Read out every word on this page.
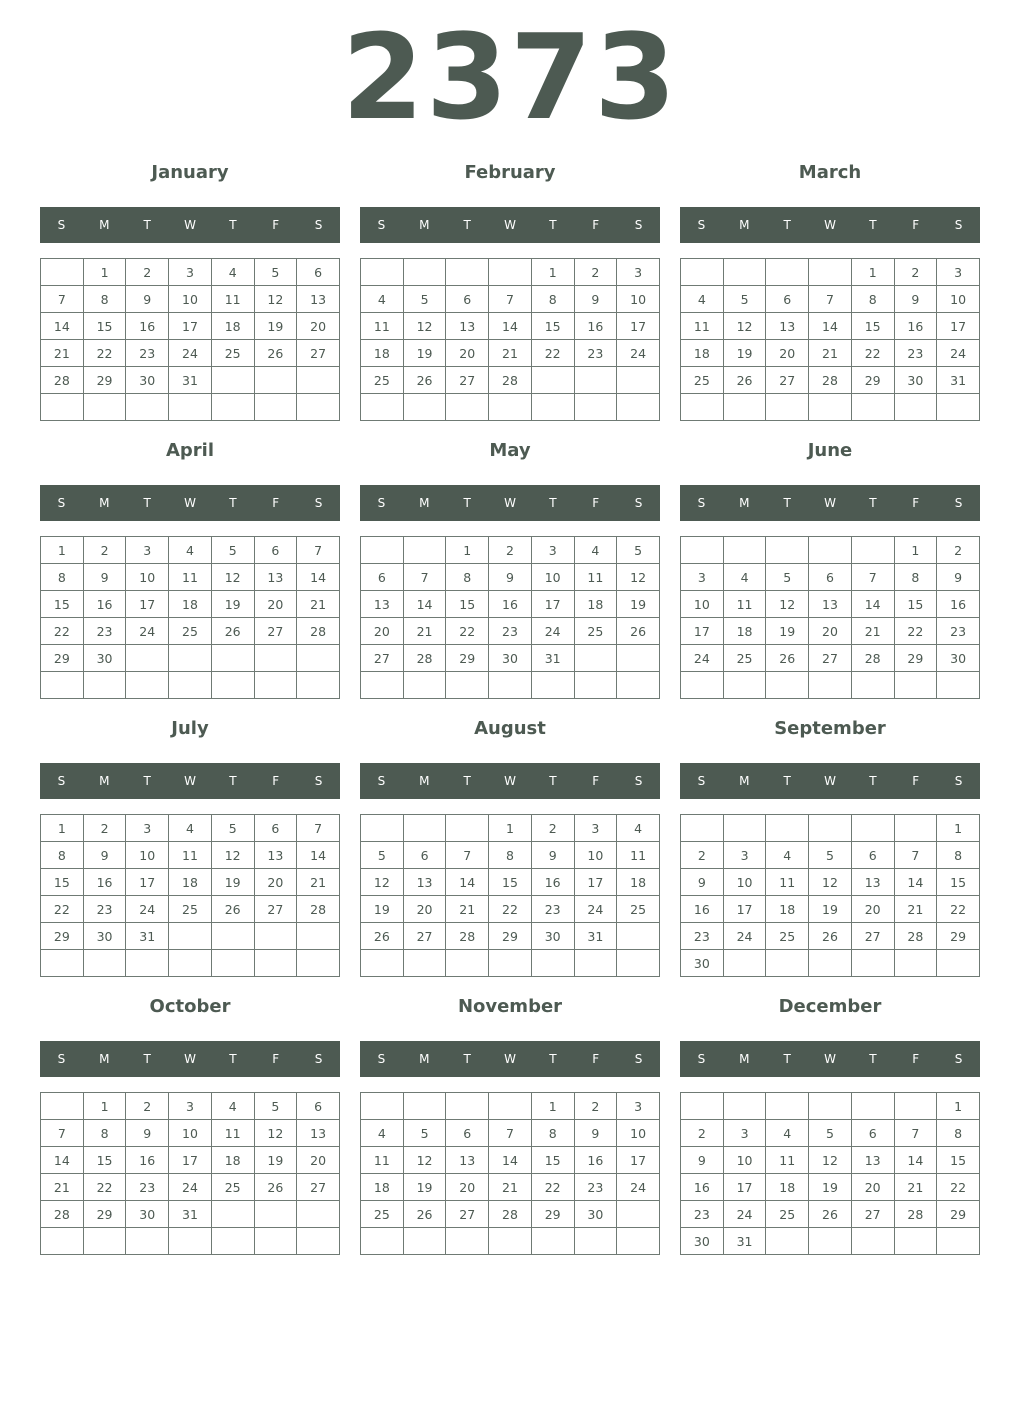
2373
January
S	M	T	W	T	F	S
	1	2	3	4	5	6
7	8	9	10	11	12	13
14	15	16	17	18	19	20
21	22	23	24	25	26	27
28	29	30	31			

February
S	M	T	W	T	F	S
				1	2	3
4	5	6	7	8	9	10
11	12	13	14	15	16	17
18	19	20	21	22	23	24
25	26	27	28			

March
S	M	T	W	T	F	S
				1	2	3
4	5	6	7	8	9	10
11	12	13	14	15	16	17
18	19	20	21	22	23	24
25	26	27	28	29	30	31

April
S	M	T	W	T	F	S
1	2	3	4	5	6	7
8	9	10	11	12	13	14
15	16	17	18	19	20	21
22	23	24	25	26	27	28
29	30					

May
S	M	T	W	T	F	S
		1	2	3	4	5
6	7	8	9	10	11	12
13	14	15	16	17	18	19
20	21	22	23	24	25	26
27	28	29	30	31		

June
S	M	T	W	T	F	S
					1	2
3	4	5	6	7	8	9
10	11	12	13	14	15	16
17	18	19	20	21	22	23
24	25	26	27	28	29	30

July
S	M	T	W	T	F	S
1	2	3	4	5	6	7
8	9	10	11	12	13	14
15	16	17	18	19	20	21
22	23	24	25	26	27	28
29	30	31				

August
S	M	T	W	T	F	S
			1	2	3	4
5	6	7	8	9	10	11
12	13	14	15	16	17	18
19	20	21	22	23	24	25
26	27	28	29	30	31	

September
S	M	T	W	T	F	S
						1
2	3	4	5	6	7	8
9	10	11	12	13	14	15
16	17	18	19	20	21	22
23	24	25	26	27	28	29
30						
October
S	M	T	W	T	F	S
	1	2	3	4	5	6
7	8	9	10	11	12	13
14	15	16	17	18	19	20
21	22	23	24	25	26	27
28	29	30	31			

November
S	M	T	W	T	F	S
				1	2	3
4	5	6	7	8	9	10
11	12	13	14	15	16	17
18	19	20	21	22	23	24
25	26	27	28	29	30	

December
S	M	T	W	T	F	S
						1
2	3	4	5	6	7	8
9	10	11	12	13	14	15
16	17	18	19	20	21	22
23	24	25	26	27	28	29
30	31					
